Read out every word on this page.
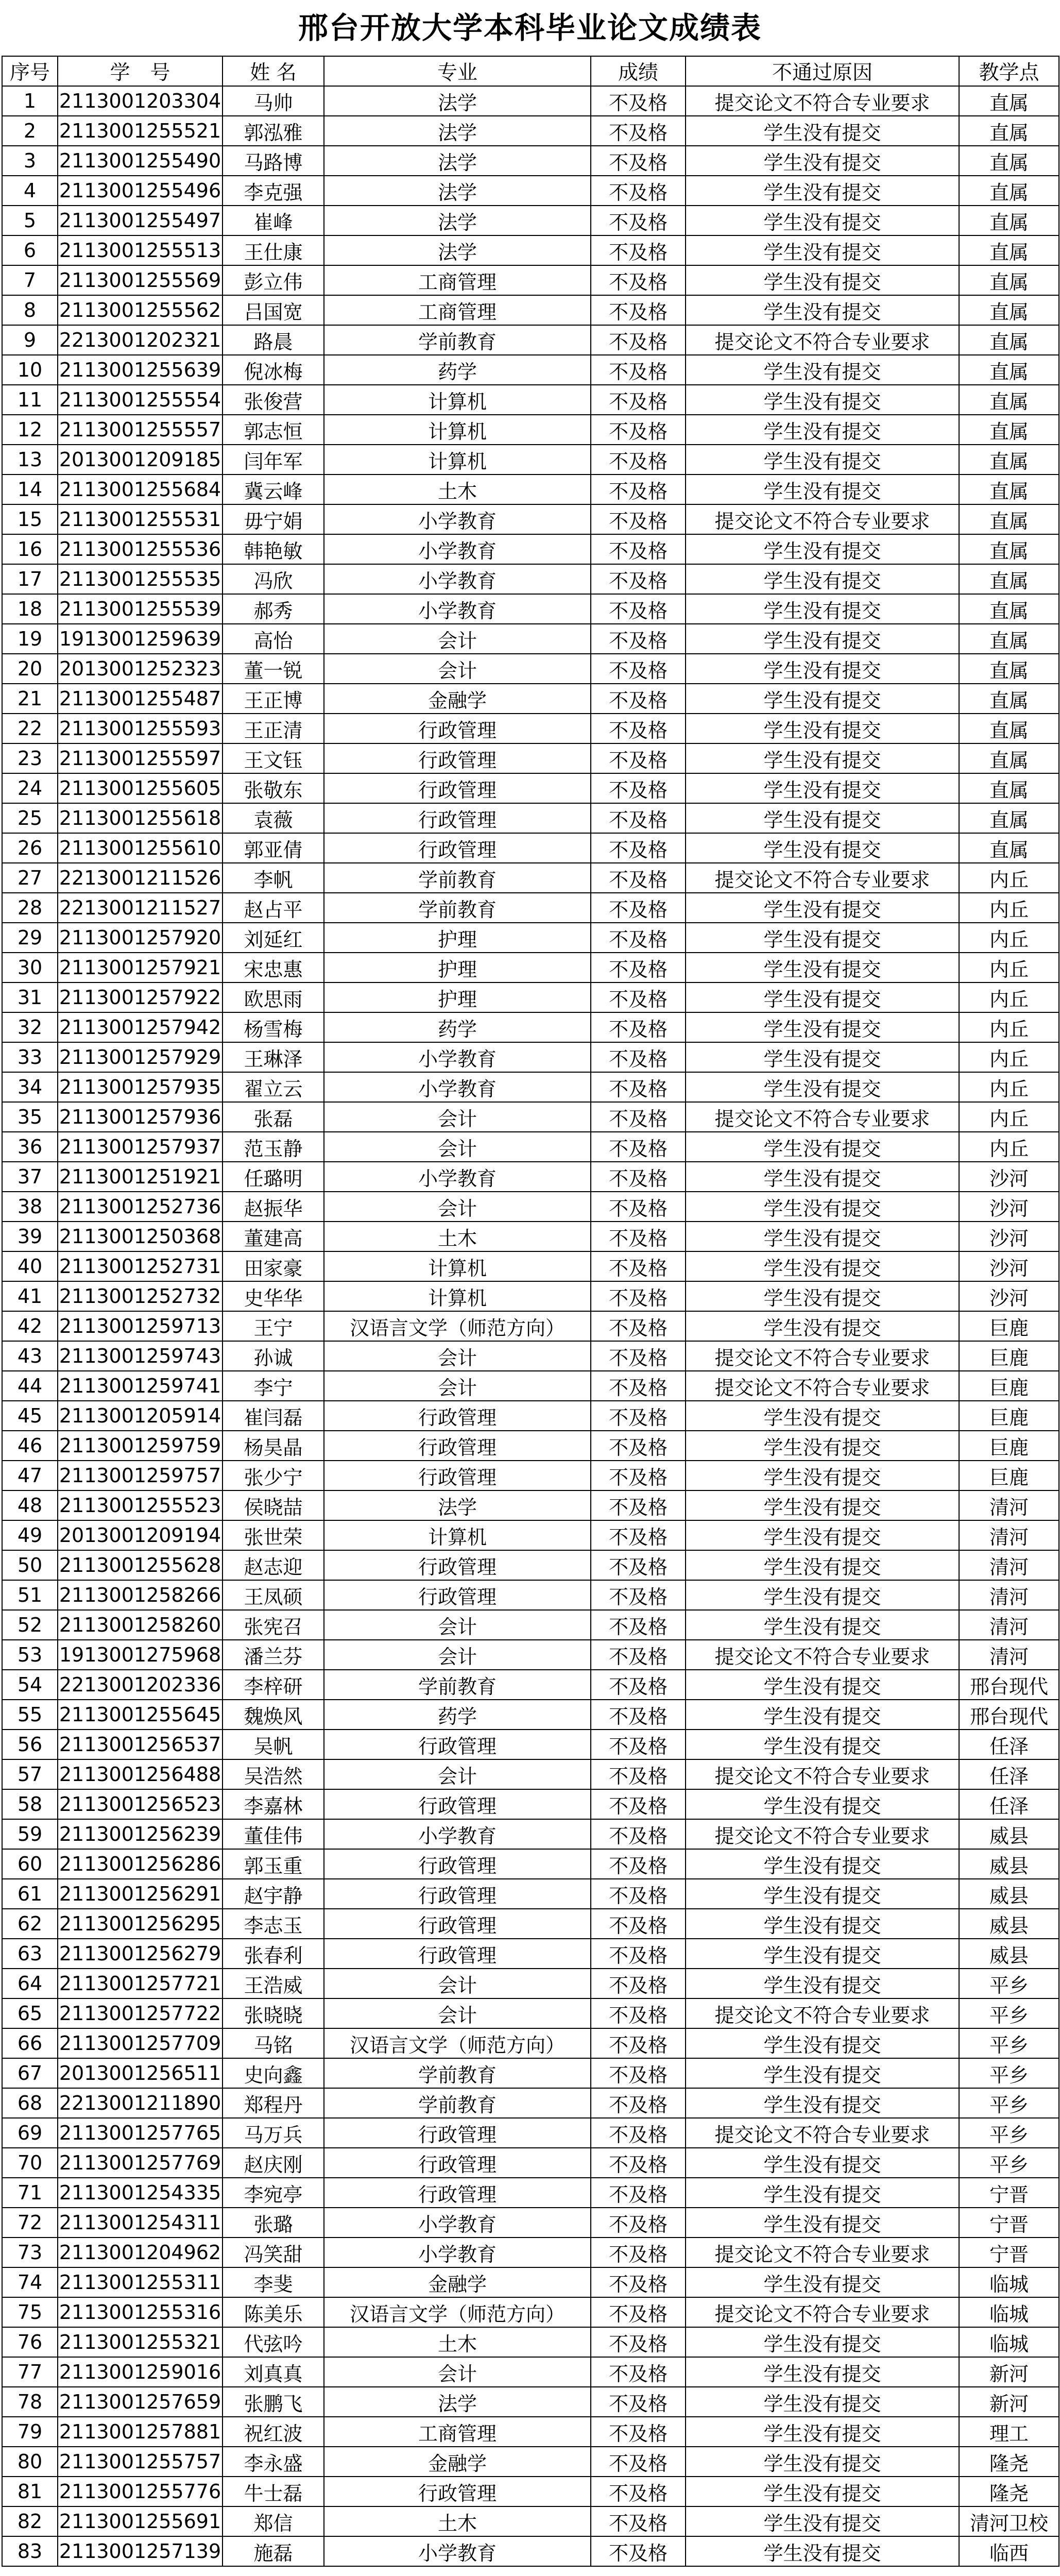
邢台开放大学本科毕业论文成绩表
序号	学　号	姓 名	专业	成绩	不通过原因	教学点
1	2113001203304	马帅	法学	不及格	提交论文不符合专业要求	直属
2	2113001255521	郭泓雅	法学	不及格	学生没有提交	直属
3	2113001255490	马路博	法学	不及格	学生没有提交	直属
4	2113001255496	李克强	法学	不及格	学生没有提交	直属
5	2113001255497	崔峰	法学	不及格	学生没有提交	直属
6	2113001255513	王仕康	法学	不及格	学生没有提交	直属
7	2113001255569	彭立伟	工商管理	不及格	学生没有提交	直属
8	2113001255562	吕国宽	工商管理	不及格	学生没有提交	直属
9	2213001202321	路晨	学前教育	不及格	提交论文不符合专业要求	直属
10	2113001255639	倪冰梅	药学	不及格	学生没有提交	直属
11	2113001255554	张俊营	计算机	不及格	学生没有提交	直属
12	2113001255557	郭志恒	计算机	不及格	学生没有提交	直属
13	2013001209185	闫年军	计算机	不及格	学生没有提交	直属
14	2113001255684	冀云峰	土木	不及格	学生没有提交	直属
15	2113001255531	毋宁娟	小学教育	不及格	提交论文不符合专业要求	直属
16	2113001255536	韩艳敏	小学教育	不及格	学生没有提交	直属
17	2113001255535	冯欣	小学教育	不及格	学生没有提交	直属
18	2113001255539	郝秀	小学教育	不及格	学生没有提交	直属
19	1913001259639	高怡	会计	不及格	学生没有提交	直属
20	2013001252323	董一锐	会计	不及格	学生没有提交	直属
21	2113001255487	王正博	金融学	不及格	学生没有提交	直属
22	2113001255593	王正清	行政管理	不及格	学生没有提交	直属
23	2113001255597	王文钰	行政管理	不及格	学生没有提交	直属
24	2113001255605	张敬东	行政管理	不及格	学生没有提交	直属
25	2113001255618	袁薇	行政管理	不及格	学生没有提交	直属
26	2113001255610	郭亚倩	行政管理	不及格	学生没有提交	直属
27	2213001211526	李帆	学前教育	不及格	提交论文不符合专业要求	内丘
28	2213001211527	赵占平	学前教育	不及格	学生没有提交	内丘
29	2113001257920	刘延红	护理	不及格	学生没有提交	内丘
30	2113001257921	宋忠惠	护理	不及格	学生没有提交	内丘
31	2113001257922	欧思雨	护理	不及格	学生没有提交	内丘
32	2113001257942	杨雪梅	药学	不及格	学生没有提交	内丘
33	2113001257929	王琳泽	小学教育	不及格	学生没有提交	内丘
34	2113001257935	翟立云	小学教育	不及格	学生没有提交	内丘
35	2113001257936	张磊	会计	不及格	提交论文不符合专业要求	内丘
36	2113001257937	范玉静	会计	不及格	学生没有提交	内丘
37	2113001251921	任璐明	小学教育	不及格	学生没有提交	沙河
38	2113001252736	赵振华	会计	不及格	学生没有提交	沙河
39	2113001250368	董建高	土木	不及格	学生没有提交	沙河
40	2113001252731	田家豪	计算机	不及格	学生没有提交	沙河
41	2113001252732	史华华	计算机	不及格	学生没有提交	沙河
42	2113001259713	王宁	汉语言文学（师范方向）	不及格	学生没有提交	巨鹿
43	2113001259743	孙诚	会计	不及格	提交论文不符合专业要求	巨鹿
44	2113001259741	李宁	会计	不及格	提交论文不符合专业要求	巨鹿
45	2113001205914	崔闫磊	行政管理	不及格	学生没有提交	巨鹿
46	2113001259759	杨昊晶	行政管理	不及格	学生没有提交	巨鹿
47	2113001259757	张少宁	行政管理	不及格	学生没有提交	巨鹿
48	2113001255523	侯晓喆	法学	不及格	学生没有提交	清河
49	2013001209194	张世荣	计算机	不及格	学生没有提交	清河
50	2113001255628	赵志迎	行政管理	不及格	学生没有提交	清河
51	2113001258266	王凤硕	行政管理	不及格	学生没有提交	清河
52	2113001258260	张宪召	会计	不及格	学生没有提交	清河
53	1913001275968	潘兰芬	会计	不及格	提交论文不符合专业要求	清河
54	2213001202336	李梓研	学前教育	不及格	学生没有提交	邢台现代
55	2113001255645	魏焕风	药学	不及格	学生没有提交	邢台现代
56	2113001256537	吴帆	行政管理	不及格	学生没有提交	任泽
57	2113001256488	吴浩然	会计	不及格	提交论文不符合专业要求	任泽
58	2113001256523	李嘉林	行政管理	不及格	学生没有提交	任泽
59	2113001256239	董佳伟	小学教育	不及格	提交论文不符合专业要求	威县
60	2113001256286	郭玉重	行政管理	不及格	学生没有提交	威县
61	2113001256291	赵宇静	行政管理	不及格	学生没有提交	威县
62	2113001256295	李志玉	行政管理	不及格	学生没有提交	威县
63	2113001256279	张春利	行政管理	不及格	学生没有提交	威县
64	2113001257721	王浩威	会计	不及格	学生没有提交	平乡
65	2113001257722	张晓晓	会计	不及格	提交论文不符合专业要求	平乡
66	2113001257709	马铭	汉语言文学（师范方向）	不及格	学生没有提交	平乡
67	2013001256511	史向鑫	学前教育	不及格	学生没有提交	平乡
68	2213001211890	郑程丹	学前教育	不及格	学生没有提交	平乡
69	2113001257765	马万兵	行政管理	不及格	提交论文不符合专业要求	平乡
70	2113001257769	赵庆刚	行政管理	不及格	学生没有提交	平乡
71	2113001254335	李宛亭	行政管理	不及格	学生没有提交	宁晋
72	2113001254311	张璐	小学教育	不及格	学生没有提交	宁晋
73	2113001204962	冯笑甜	小学教育	不及格	提交论文不符合专业要求	宁晋
74	2113001255311	李斐	金融学	不及格	学生没有提交	临城
75	2113001255316	陈美乐	汉语言文学（师范方向）	不及格	提交论文不符合专业要求	临城
76	2113001255321	代弦吟	土木	不及格	学生没有提交	临城
77	2113001259016	刘真真	会计	不及格	学生没有提交	新河
78	2113001257659	张鹏飞	法学	不及格	学生没有提交	新河
79	2113001257881	祝红波	工商管理	不及格	学生没有提交	理工
80	2113001255757	李永盛	金融学	不及格	学生没有提交	隆尧
81	2113001255776	牛士磊	行政管理	不及格	学生没有提交	隆尧
82	2113001255691	郑信	土木	不及格	学生没有提交	清河卫校
83	2113001257139	施磊	小学教育	不及格	学生没有提交	临西
